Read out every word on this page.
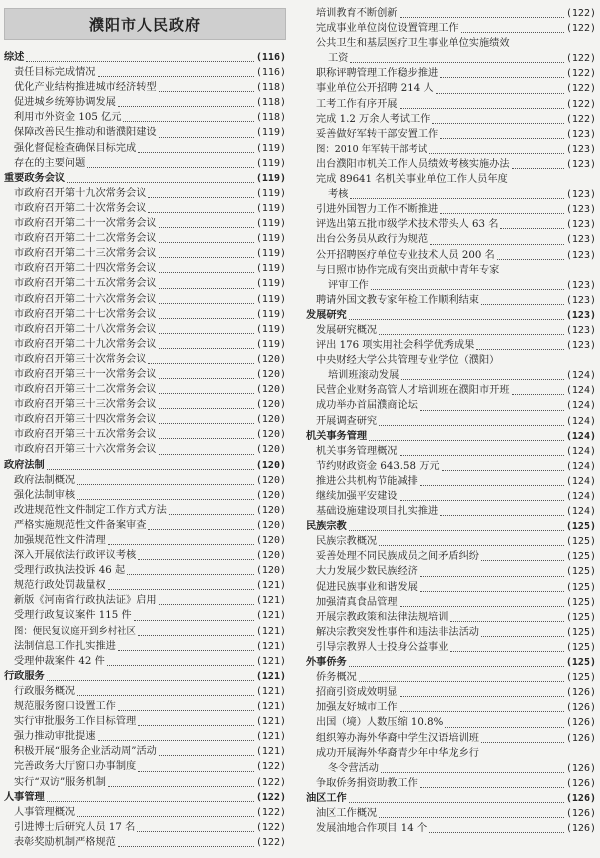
濮阳市人民政府
综述	(116)
责任目标完成情况	(116)
优化产业结构推进城市经济转型	(118)
促进城乡统筹协调发展	(118)
利用市外资金 105 亿元	(118)
保障改善民生推动和谐濮阳建设	(119)
强化督促检查确保目标完成	(119)
存在的主要问题	(119)
重要政务会议	(119)
市政府召开第十九次常务会议	(119)
市政府召开第二十次常务会议	(119)
市政府召开第二十一次常务会议	(119)
市政府召开第二十二次常务会议	(119)
市政府召开第二十三次常务会议	(119)
市政府召开第二十四次常务会议	(119)
市政府召开第二十五次常务会议	(119)
市政府召开第二十六次常务会议	(119)
市政府召开第二十七次常务会议	(119)
市政府召开第二十八次常务会议	(119)
市政府召开第二十九次常务会议	(119)
市政府召开第三十次常务会议	(120)
市政府召开第三十一次常务会议	(120)
市政府召开第三十二次常务会议	(120)
市政府召开第三十三次常务会议	(120)
市政府召开第三十四次常务会议	(120)
市政府召开第三十五次常务会议	(120)
市政府召开第三十六次常务会议	(120)
政府法制	(120)
政府法制概况	(120)
强化法制审核	(120)
改进规范性文件制定工作方式方法	(120)
严格实施规范性文件备案审查	(120)
加强规范性文件清理	(120)
深入开展依法行政评议考核	(120)
受理行政执法投诉 46 起	(120)
规范行政处罚裁量权	(121)
新版《河南省行政执法证》启用	(121)
受理行政复议案件 115 件	(121)
图：便民复议庭开到乡村社区	(121)
法制信息工作扎实推进	(121)
受理仲裁案件 42 件	(121)
行政服务	(121)
行政服务概况	(121)
规范服务窗口设置工作	(121)
实行审批服务工作目标管理	(121)
强力推动审批提速	(121)
积极开展“服务企业活动周”活动	(121)
完善政务大厅窗口办事制度	(122)
实行“双访”服务机制	(122)
人事管理	(122)
人事管理概况	(122)
引进博士后研究人员 17 名	(122)
表彰奖励机制严格规范	(122)
培训教育不断创新	(122)
完成事业单位岗位设置管理工作	(122)
公共卫生和基层医疗卫生事业单位实施绩效
工资	(122)
职称评聘管理工作稳步推进	(122)
事业单位公开招聘 214 人	(122)
工考工作有序开展	(122)
完成 1.2 万余人考试工作	(122)
妥善做好军转干部安置工作	(123)
图：2010 年军转干部考试	(123)
出台濮阳市机关工作人员绩效考核实施办法	(123)
完成 89641 名机关事业单位工作人员年度
考核	(123)
引进外国智力工作不断推进	(123)
评选出第五批市级学术技术带头人 63 名	(123)
出台公务员从政行为规范	(123)
公开招聘医疗单位专业技术人员 200 名	(123)
与日照市协作完成有突出贡献中青年专家
评审工作	(123)
聘请外国文教专家年检工作顺利结束	(123)
发展研究	(123)
发展研究概况	(123)
评出 176 项实用社会科学优秀成果	(123)
中央财经大学公共管理专业学位（濮阳）
培训班滚动发展	(124)
民营企业财务高管人才培训班在濮阳市开班	(124)
成功举办首届濮商论坛	(124)
开展调查研究	(124)
机关事务管理	(124)
机关事务管理概况	(124)
节约财政资金 643.58 万元	(124)
推进公共机构节能减排	(124)
继续加强平安建设	(124)
基础设施建设项目扎实推进	(124)
民族宗教	(125)
民族宗教概况	(125)
妥善处理不同民族成员之间矛盾纠纷	(125)
大力发展少数民族经济	(125)
促进民族事业和谐发展	(125)
加强清真食品管理	(125)
开展宗教政策和法律法规培训	(125)
解决宗教突发性事件和违法非法活动	(125)
引导宗教界人士投身公益事业	(125)
外事侨务	(125)
侨务概况	(125)
招商引资成效明显	(126)
加强友好城市工作	(126)
出国（境）人数压缩 10.8%	(126)
组织筹办海外华裔中学生汉语培训班	(126)
成功开展海外华裔青少年中华龙乡行
冬令营活动	(126)
争取侨务捐资助教工作	(126)
油区工作	(126)
油区工作概况	(126)
发展油地合作项目 14 个	(126)
